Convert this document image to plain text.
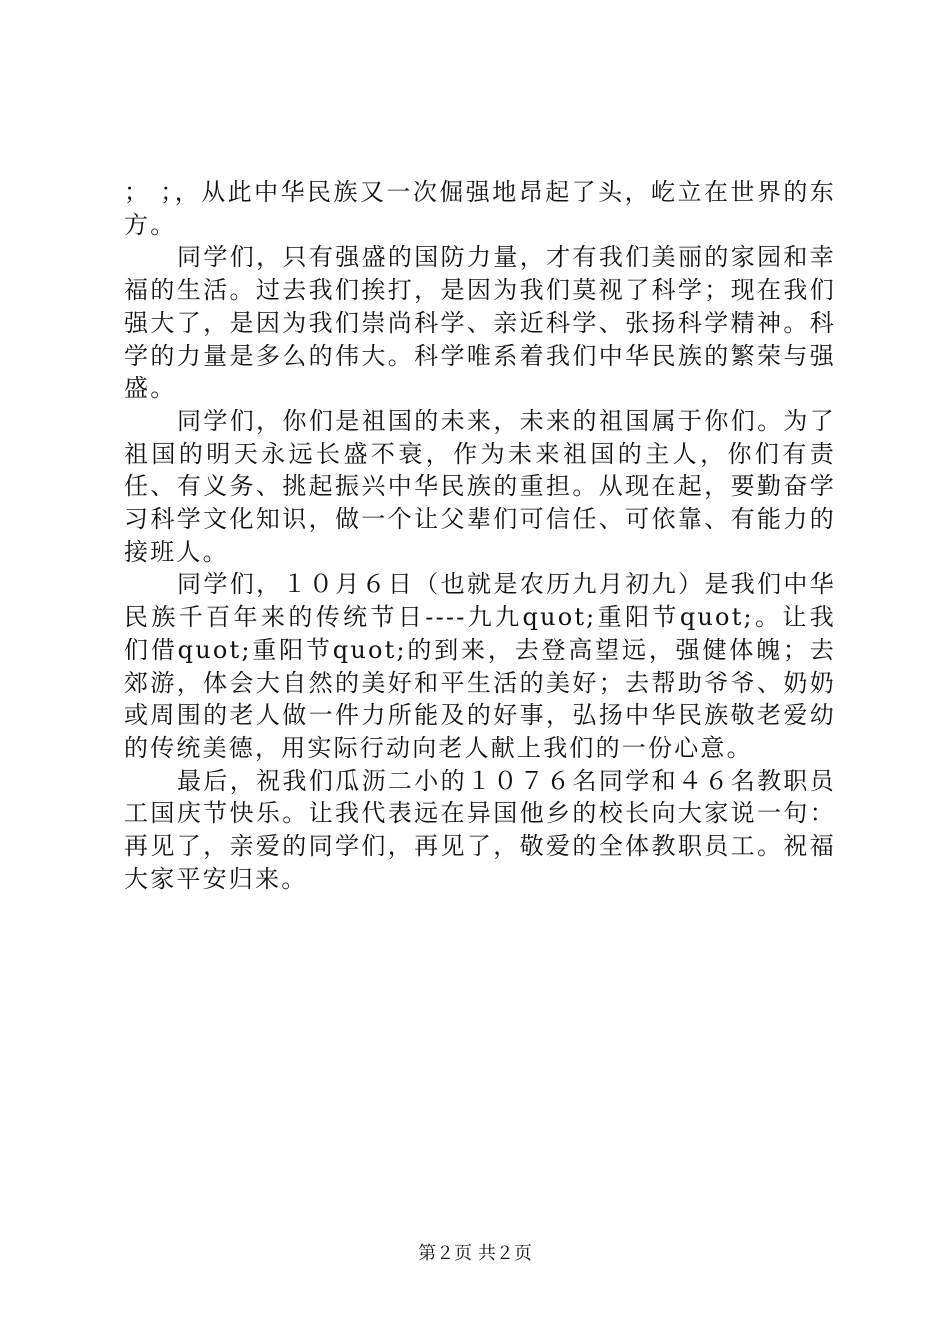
； ；，从此中华民族又一次倔强地昂起了头，屹立在世界的东方。

同学们，只有强盛的国防力量，才有我们美丽的家园和幸福的生活。过去我们挨打，是因为我们莫视了科学；现在我们强大了，是因为我们崇尚科学、亲近科学、张扬科学精神。科学的力量是多么的伟大。科学唯系着我们中华民族的繁荣与强盛。

同学们，你们是祖国的未来，未来的祖国属于你们。为了祖国的明天永远长盛不衰，作为未来祖国的主人，你们有责任、有义务、挑起振兴中华民族的重担。从现在起，要勤奋学习科学文化知识，做一个让父辈们可信任、可依靠、有能力的接班人。

同学们，１０月６日（也就是农历九月初九）是我们中华民族千百年来的传统节日----九九quot;重阳节quot;。让我们借quot;重阳节quot;的到来，去登高望远，强健体魄；去郊游，体会大自然的美好和平生活的美好；去帮助爷爷、奶奶或周围的老人做一件力所能及的好事，弘扬中华民族敬老爱幼的传统美德，用实际行动向老人献上我们的一份心意。

最后，祝我们瓜沥二小的１０７６名同学和４６名教职员工国庆节快乐。让我代表远在异国他乡的校长向大家说一句：再见了，亲爱的同学们，再见了，敬爱的全体教职员工。祝福大家平安归来。

第２页 共２页
